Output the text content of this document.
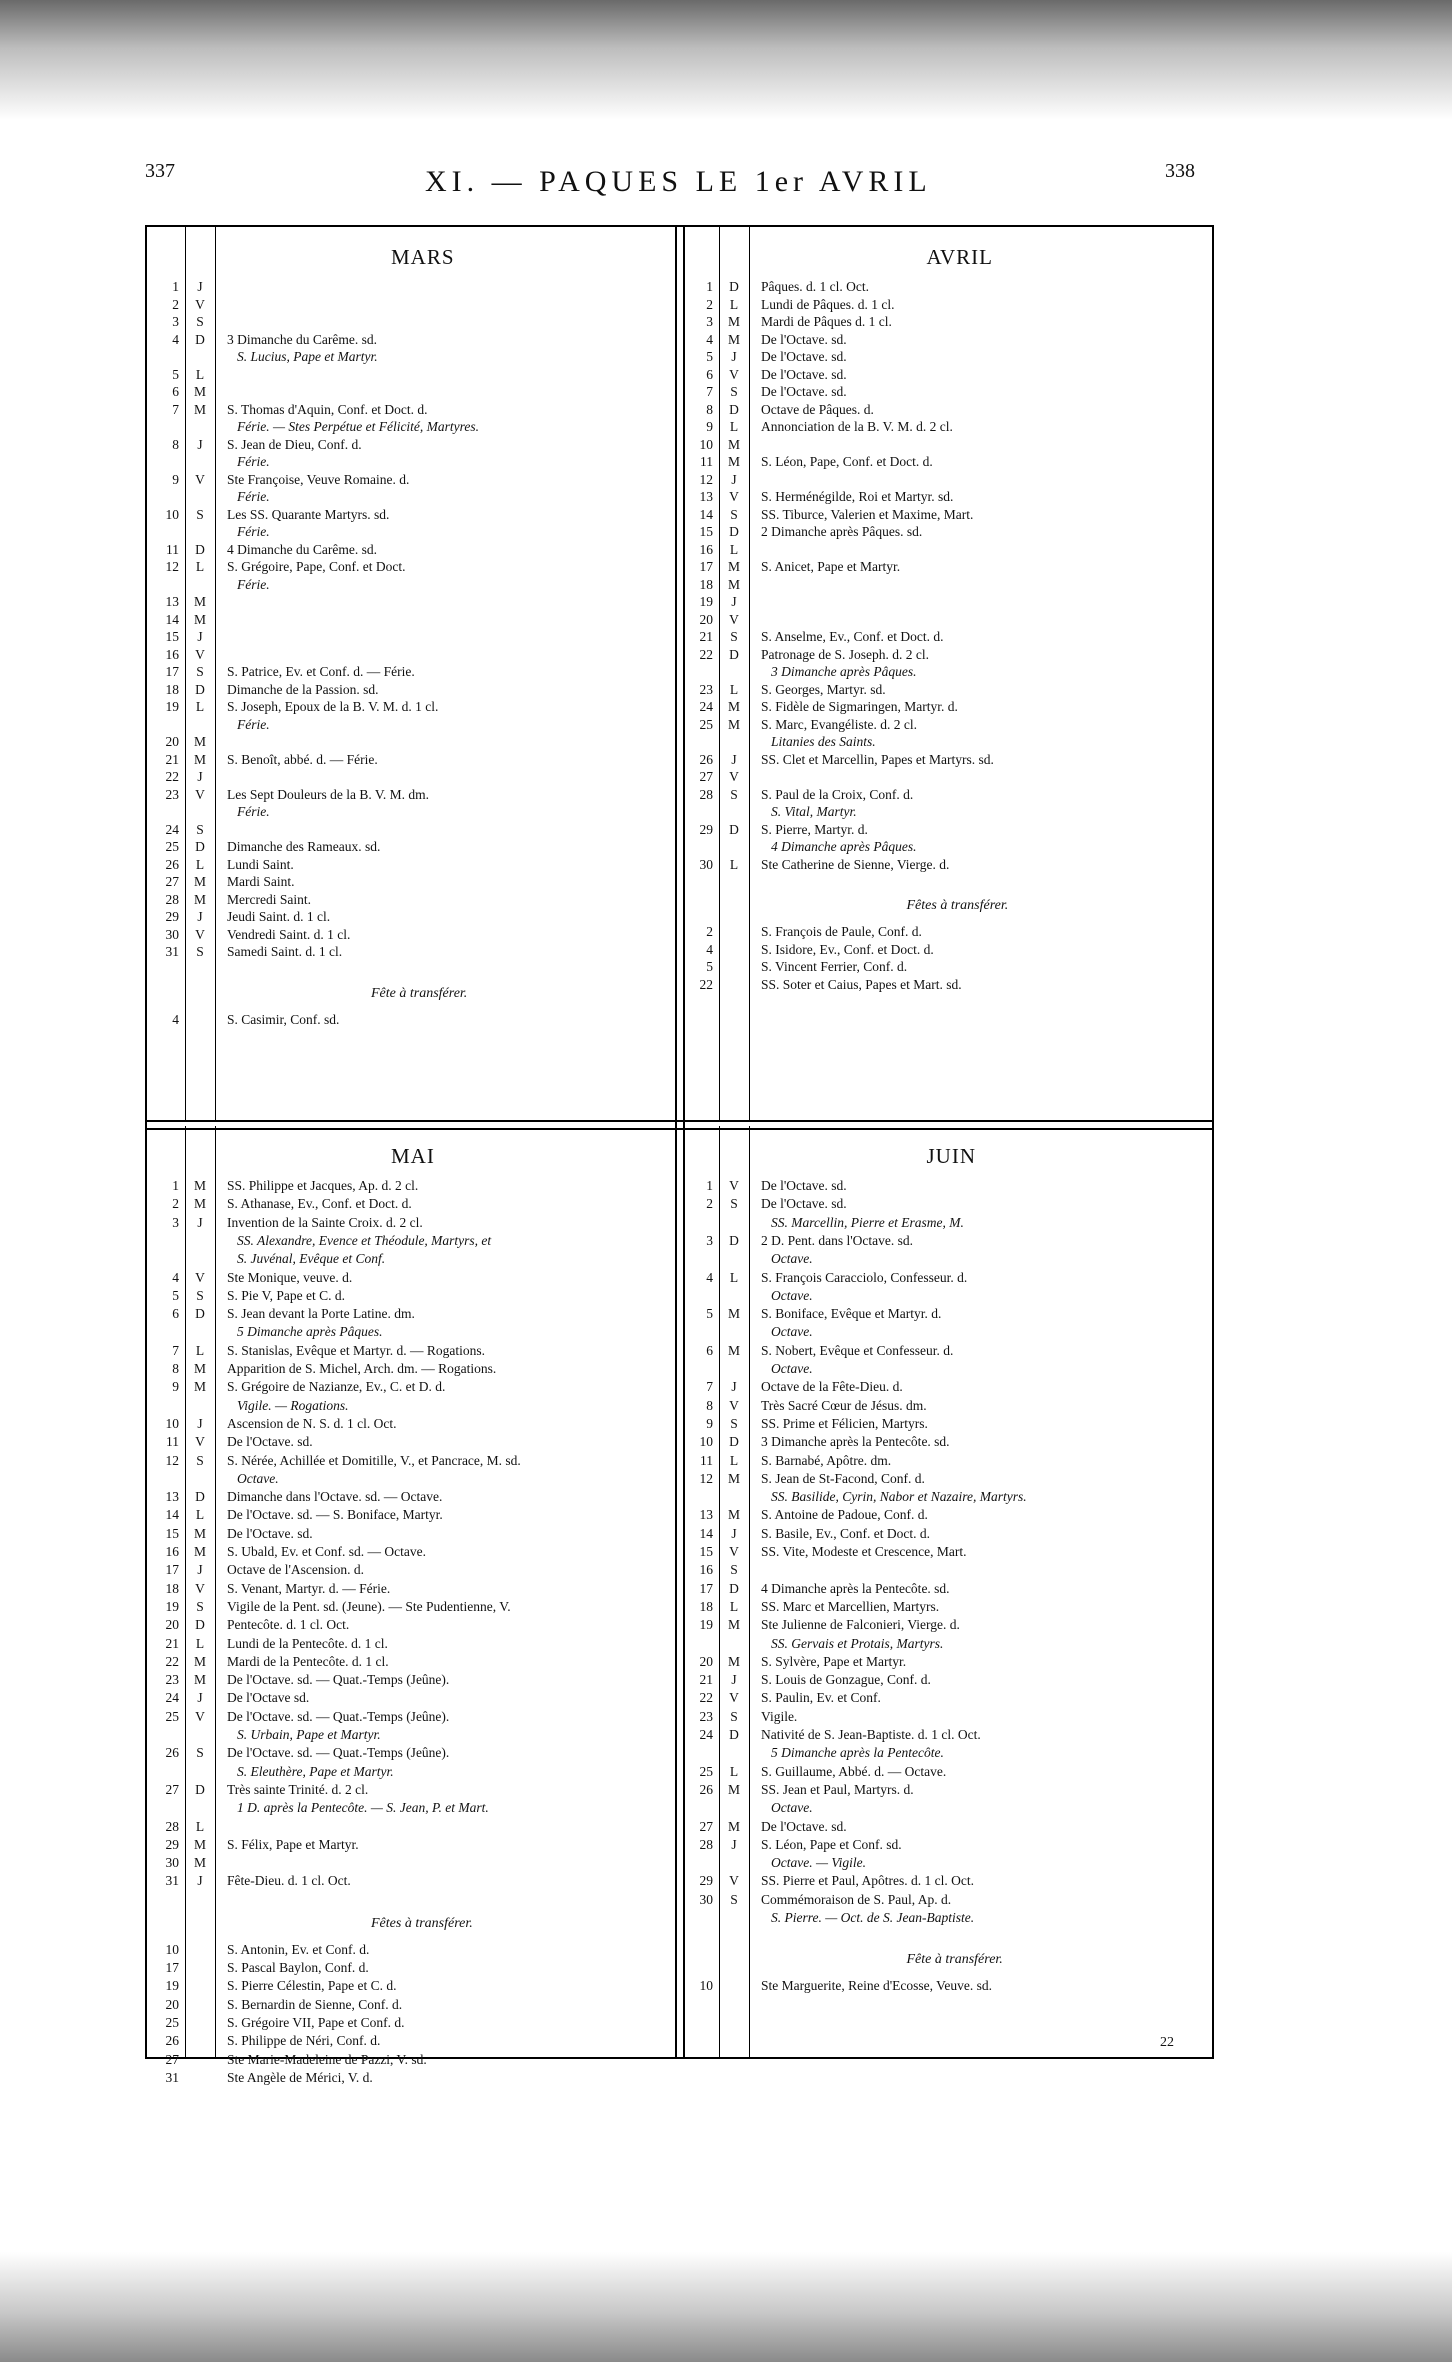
337	XI. — PAQUES LE 1er AVRIL	338
MARS
1	J
2	V
3	S
4	D	3 Dimanche du Carême. sd.
S. Lucius, Pape et Martyr.
5	L
6 M
7 M S. Thomas d'Aquin, Conf. et Doct. d.
Férie. — Stes Perpétue et Félicité, Martyres.
8	J	S. Jean de Dieu, Conf. d.
Férie.
9	V	Ste Françoise, Veuve Romaine. d.
Férie.
10	S	Les SS. Quarante Martyrs. sd.
Férie.
11	D	4 Dimanche du Carême. sd.
12	L	S. Grégoire, Pape, Conf. et Doct.
Férie.
13 M
14 M
15	J
16	V
17	S	S. Patrice, Ev. et Conf. d. — Férie.
18	D	Dimanche de la Passion. sd.
19	L	S. Joseph, Epoux de la B. V. M. d. 1 cl.
Férie.
20 M
21 M S. Benoît, abbé. d. — Férie.
22	J
23	V	Les Sept Douleurs de la B. V. M. dm.
Férie.
24	S
25	D	Dimanche des Rameaux. sd.
26	L	Lundi Saint.
27 M Mardi Saint.
28 M Mercredi Saint.
29	J	Jeudi Saint. d. 1 cl.
30	V	Vendredi Saint. d. 1 cl.
31	S	Samedi Saint. d. 1 cl.
Fête à transférer.
4	S. Casimir, Conf. sd.
AVRIL
1	D	Pâques. d. 1 cl. Oct.
2	L	Lundi de Pâques. d. 1 cl.
3 M Mardi de Pâques d. 1 cl.
4 M De l'Octave. sd.
5	J	De l'Octave. sd.
6	V	De l'Octave. sd.
7	S	De l'Octave. sd.
8	D	Octave de Pâques. d.
9	L	Annonciation de la B. V. M. d. 2 cl.
10 M
11 M S. Léon, Pape, Conf. et Doct. d.
12	J
13	V	S. Herménégilde, Roi et Martyr. sd.
14	S	SS. Tiburce, Valerien et Maxime, Mart.
15	D	2 Dimanche après Pâques. sd.
16	L
17 M S. Anicet, Pape et Martyr.
18 M
19	J
20	V
21	S	S. Anselme, Ev., Conf. et Doct. d.
22	D	Patronage de S. Joseph. d. 2 cl.
3 Dimanche après Pâques.
23	L	S. Georges, Martyr. sd.
24 M S. Fidèle de Sigmaringen, Martyr. d.
25 M S. Marc, Evangéliste. d. 2 cl.
Litanies des Saints.
26	J	SS. Clet et Marcellin, Papes et Martyrs. sd.
27	V
28	S	S. Paul de la Croix, Conf. d.
S. Vital, Martyr.
29	D	S. Pierre, Martyr. d.
4 Dimanche après Pâques.
30	L	Ste Catherine de Sienne, Vierge. d.
Fêtes à transférer.
2	S. François de Paule, Conf. d.
4	S. Isidore, Ev., Conf. et Doct. d.
5	S. Vincent Ferrier, Conf. d.
22	SS. Soter et Caius, Papes et Mart. sd.
MAI
1 M SS. Philippe et Jacques, Ap. d. 2 cl.
2 M S. Athanase, Ev., Conf. et Doct. d.
3	J	Invention de la Sainte Croix. d. 2 cl.
SS. Alexandre, Evence et Théodule, Martyrs, et
S. Juvénal, Evêque et Conf.
4	V	Ste Monique, veuve. d.
5	S	S. Pie V, Pape et C. d.
6	D	S. Jean devant la Porte Latine. dm.
5 Dimanche après Pâques.
7	L	S. Stanislas, Evêque et Martyr. d. — Rogations.
8 M Apparition de S. Michel, Arch. dm. — Rogations.
9 M S. Grégoire de Nazianze, Ev., C. et D. d.
Vigile. — Rogations.
10	J	Ascension de N. S. d. 1 cl. Oct.
11	V	De l'Octave. sd.
12	S	S. Nérée, Achillée et Domitille, V., et Pancrace, M. sd.
Octave.
13	D	Dimanche dans l'Octave. sd. — Octave.
14	L	De l'Octave. sd. — S. Boniface, Martyr.
15 M De l'Octave. sd.
16 M S. Ubald, Ev. et Conf. sd. — Octave.
17	J	Octave de l'Ascension. d.
18	V	S. Venant, Martyr. d. — Férie.
19	S	Vigile de la Pent. sd. (Jeune). — Ste Pudentienne, V.
20	D	Pentecôte. d. 1 cl. Oct.
21	L	Lundi de la Pentecôte. d. 1 cl.
22 M Mardi de la Pentecôte. d. 1 cl.
23 M De l'Octave. sd. — Quat.-Temps (Jeûne).
24	J	De l'Octave sd.
25	V	De l'Octave. sd. — Quat.-Temps (Jeûne).
S. Urbain, Pape et Martyr.
26	S	De l'Octave. sd. — Quat.-Temps (Jeûne).
S. Eleuthère, Pape et Martyr.
27	D	Très sainte Trinité. d. 2 cl.
1 D. après la Pentecôte. — S. Jean, P. et Mart.
28	L
29 M S. Félix, Pape et Martyr.
30 M
31	J	Fête-Dieu. d. 1 cl. Oct.
Fêtes à transférer.
10	S. Antonin, Ev. et Conf. d.
17	S. Pascal Baylon, Conf. d.
19	S. Pierre Célestin, Pape et C. d.
20	S. Bernardin de Sienne, Conf. d.
25	S. Grégoire VII, Pape et Conf. d.
26	S. Philippe de Néri, Conf. d.
27	Ste Marie-Madeleine de Pazzi, V. sd.
31	Ste Angèle de Mérici, V. d.
JUIN
1	V	De l'Octave. sd.
2	S	De l'Octave. sd.
SS. Marcellin, Pierre et Erasme, M.
3	D	2 D. Pent. dans l'Octave. sd.
Octave.
4	L	S. François Caracciolo, Confesseur. d.
Octave.
5 M S. Boniface, Evêque et Martyr. d.
Octave.
6 M S. Nobert, Evêque et Confesseur. d.
Octave.
7	J	Octave de la Fête-Dieu. d.
8	V	Très Sacré Cœur de Jésus. dm.
9	S	SS. Prime et Félicien, Martyrs.
10	D	3 Dimanche après la Pentecôte. sd.
11	L	S. Barnabé, Apôtre. dm.
12 M S. Jean de St-Facond, Conf. d.
SS. Basilide, Cyrin, Nabor et Nazaire, Martyrs.
13 M S. Antoine de Padoue, Conf. d.
14	J	S. Basile, Ev., Conf. et Doct. d.
15	V	SS. Vite, Modeste et Crescence, Mart.
16	S
17	D	4 Dimanche après la Pentecôte. sd.
18	L	SS. Marc et Marcellien, Martyrs.
19 M Ste Julienne de Falconieri, Vierge. d.
SS. Gervais et Protais, Martyrs.
20 M S. Sylvère, Pape et Martyr.
21	J	S. Louis de Gonzague, Conf. d.
22	V	S. Paulin, Ev. et Conf.
23	S	Vigile.
24	D	Nativité de S. Jean-Baptiste. d. 1 cl. Oct.
5 Dimanche après la Pentecôte.
25	L	S. Guillaume, Abbé. d. — Octave.
26 M SS. Jean et Paul, Martyrs. d.
Octave.
27 M De l'Octave. sd.
28	J	S. Léon, Pape et Conf. sd.
Octave. — Vigile.
29	V	SS. Pierre et Paul, Apôtres. d. 1 cl. Oct.
30	S	Commémoraison de S. Paul, Ap. d.
S. Pierre. — Oct. de S. Jean-Baptiste.
Fête à transférer.
10	Ste Marguerite, Reine d'Ecosse, Veuve. sd.
22
